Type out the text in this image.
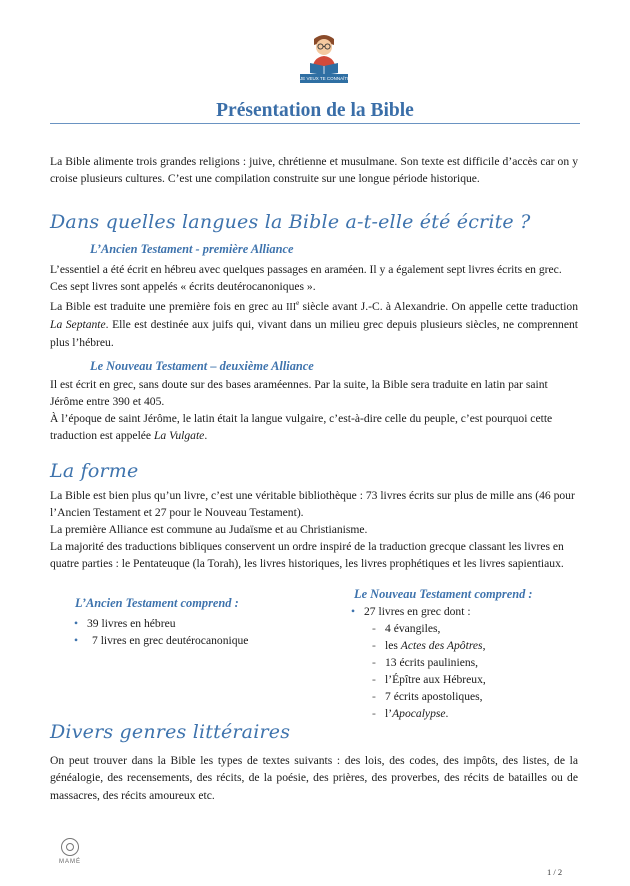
JE VEUX TE CONNAÎTRE
Présentation de la Bible

La Bible alimente trois grandes religions : juive, chrétienne et musulmane. Son texte est difficile d’accès car on y croise plusieurs cultures. C’est une compilation construite sur une longue période historique.

Dans quelles langues la Bible a-t-elle été écrite ?
L’Ancien Testament - première Alliance

L’essentiel a été écrit en hébreu avec quelques passages en araméen. Il y a également sept livres écrits en grec. Ces sept livres sont appelés « écrits deutérocanoniques ».

La Bible est traduite une première fois en grec au IIIe siècle avant J.-C. à Alexandrie. On appelle cette traduction La Septante. Elle est destinée aux juifs qui, vivant dans un milieu grec depuis plusieurs siècles, ne comprennent plus l’hébreu.

Le Nouveau Testament – deuxième Alliance

Il est écrit en grec, sans doute sur des bases araméennes. Par la suite, la Bible sera traduite en latin par saint Jérôme entre 390 et 405.

À l’époque de saint Jérôme, le latin était la langue vulgaire, c’est-à-dire celle du peuple, c’est pourquoi cette traduction est appelée La Vulgate.

La forme

La Bible est bien plus qu’un livre, c’est une véritable bibliothèque : 73 livres écrits sur plus de mille ans (46 pour l’Ancien Testament et 27 pour le Nouveau Testament).

La première Alliance est commune au Judaïsme et au Christianisme.

La majorité des traductions bibliques conservent un ordre inspiré de la traduction grecque classant les livres en quatre parties : le Pentateuque (la Torah), les livres historiques, les livres prophétiques et les livres sapientiaux.

L’Ancien Testament comprend :
• 39 livres en hébreu
• 7 livres en grec deutérocanonique
Le Nouveau Testament comprend :
• 27 livres en grec dont :
- 4 évangiles,
- les Actes des Apôtres,
- 13 écrits pauliniens,
- l’Épître aux Hébreux,
- 7 écrits apostoliques,
- l’Apocalypse.
Divers genres littéraires

On peut trouver dans la Bible les types de textes suivants : des lois, des codes, des impôts, des listes, de la généalogie, des recensements, des récits, de la poésie, des prières, des proverbes, des récits de batailles ou de massacres, des récits amoureux etc.

MAMÉ
1 / 2
